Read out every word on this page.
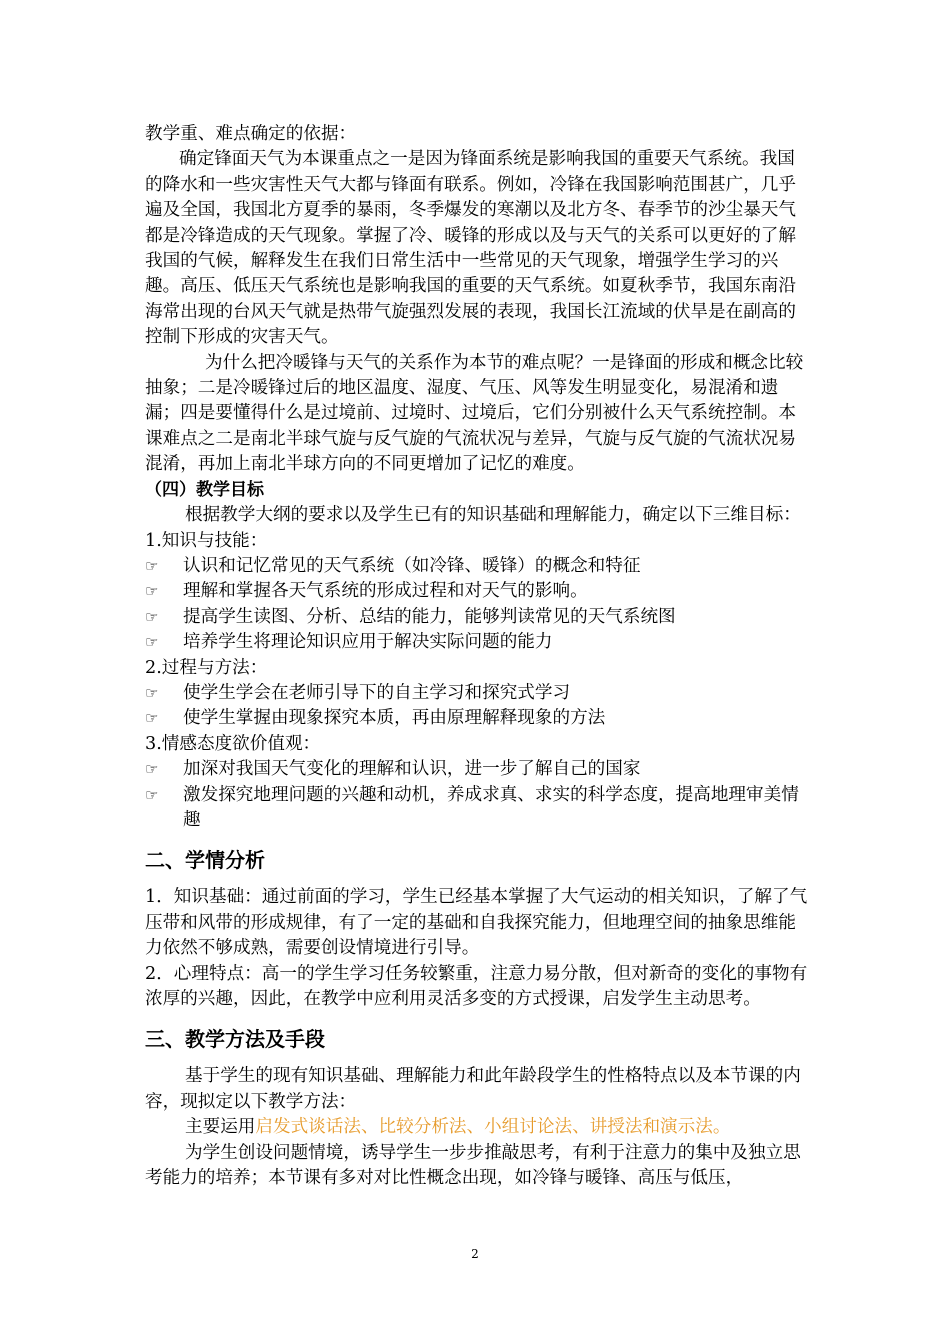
教学重、难点确定的依据：

确定锋面天气为本课重点之一是因为锋面系统是影响我国的重要天气系统。我国的降水和一些灾害性天气大都与锋面有联系。例如，冷锋在我国影响范围甚广，几乎遍及全国，我国北方夏季的暴雨，冬季爆发的寒潮以及北方冬、春季节的沙尘暴天气都是冷锋造成的天气现象。掌握了冷、暖锋的形成以及与天气的关系可以更好的了解我国的气候，解释发生在我们日常生活中一些常见的天气现象，增强学生学习的兴趣。高压、低压天气系统也是影响我国的重要的天气系统。如夏秋季节，我国东南沿海常出现的台风天气就是热带气旋强烈发展的表现，我国长江流域的伏旱是在副高的控制下形成的灾害天气。

为什么把冷暖锋与天气的关系作为本节的难点呢？一是锋面的形成和概念比较抽象；二是冷暖锋过后的地区温度、湿度、气压、风等发生明显变化，易混淆和遗漏；四是要懂得什么是过境前、过境时、过境后，它们分别被什么天气系统控制。本课难点之二是南北半球气旋与反气旋的气流状况与差异，气旋与反气旋的气流状况易混淆，再加上南北半球方向的不同更增加了记忆的难度。

（四）教学目标

根据教学大纲的要求以及学生已有的知识基础和理解能力，确定以下三维目标：

1.知识与技能：

☞	认识和记忆常见的天气系统（如冷锋、暖锋）的概念和特征
☞	理解和掌握各天气系统的形成过程和对天气的影响。
☞	提高学生读图、分析、总结的能力，能够判读常见的天气系统图
☞	培养学生将理论知识应用于解决实际问题的能力

2.过程与方法：

☞	使学生学会在老师引导下的自主学习和探究式学习
☞	使学生掌握由现象探究本质，再由原理解释现象的方法

3.情感态度欲价值观：

☞	加深对我国天气变化的理解和认识，进一步了解自己的国家
☞	激发探究地理问题的兴趣和动机，养成求真、求实的科学态度，提高地理审美情趣

二、学情分析

1．知识基础：通过前面的学习，学生已经基本掌握了大气运动的相关知识，了解了气压带和风带的形成规律，有了一定的基础和自我探究能力，但地理空间的抽象思维能力依然不够成熟，需要创设情境进行引导。

2．心理特点：高一的学生学习任务较繁重，注意力易分散，但对新奇的变化的事物有浓厚的兴趣，因此，在教学中应利用灵活多变的方式授课，启发学生主动思考。

三、教学方法及手段

基于学生的现有知识基础、理解能力和此年龄段学生的性格特点以及本节课的内容，现拟定以下教学方法：

主要运用启发式谈话法、比较分析法、小组讨论法、讲授法和演示法。

为学生创设问题情境，诱导学生一步步推敲思考，有利于注意力的集中及独立思考能力的培养；本节课有多对对比性概念出现，如冷锋与暖锋、高压与低压，

2
